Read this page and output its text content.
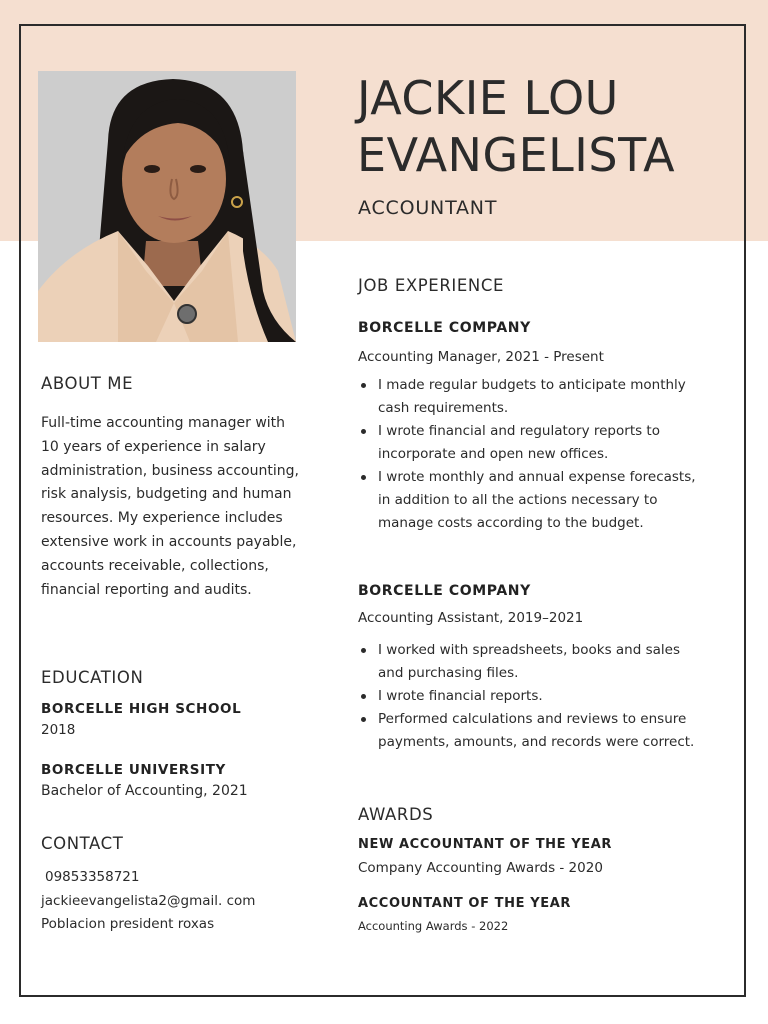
JACKIE LOU
EVANGELISTA
ACCOUNTANT
ABOUT ME
Full-time accounting manager with 10 years of experience in salary administration, business accounting, risk analysis, budgeting and human resources. My experience includes extensive work in accounts payable, accounts receivable, collections, financial reporting and audits.
EDUCATION
BORCELLE HIGH SCHOOL
2018
BORCELLE UNIVERSITY
Bachelor of Accounting, 2021
CONTACT
09853358721
jackieevangelista2@gmail. com
Poblacion president roxas
JOB EXPERIENCE
BORCELLE COMPANY
Accounting Manager, 2021 - Present
I made regular budgets to anticipate monthly cash requirements.
I wrote financial and regulatory reports to incorporate and open new offices.
I wrote monthly and annual expense forecasts, in addition to all the actions necessary to manage costs according to the budget.
BORCELLE COMPANY
Accounting Assistant, 2019–2021
I worked with spreadsheets, books and sales and purchasing files.
I wrote financial reports.
Performed calculations and reviews to ensure payments, amounts, and records were correct.
AWARDS
NEW ACCOUNTANT OF THE YEAR
Company Accounting Awards - 2020
ACCOUNTANT OF THE YEAR
Accounting Awards - 2022
